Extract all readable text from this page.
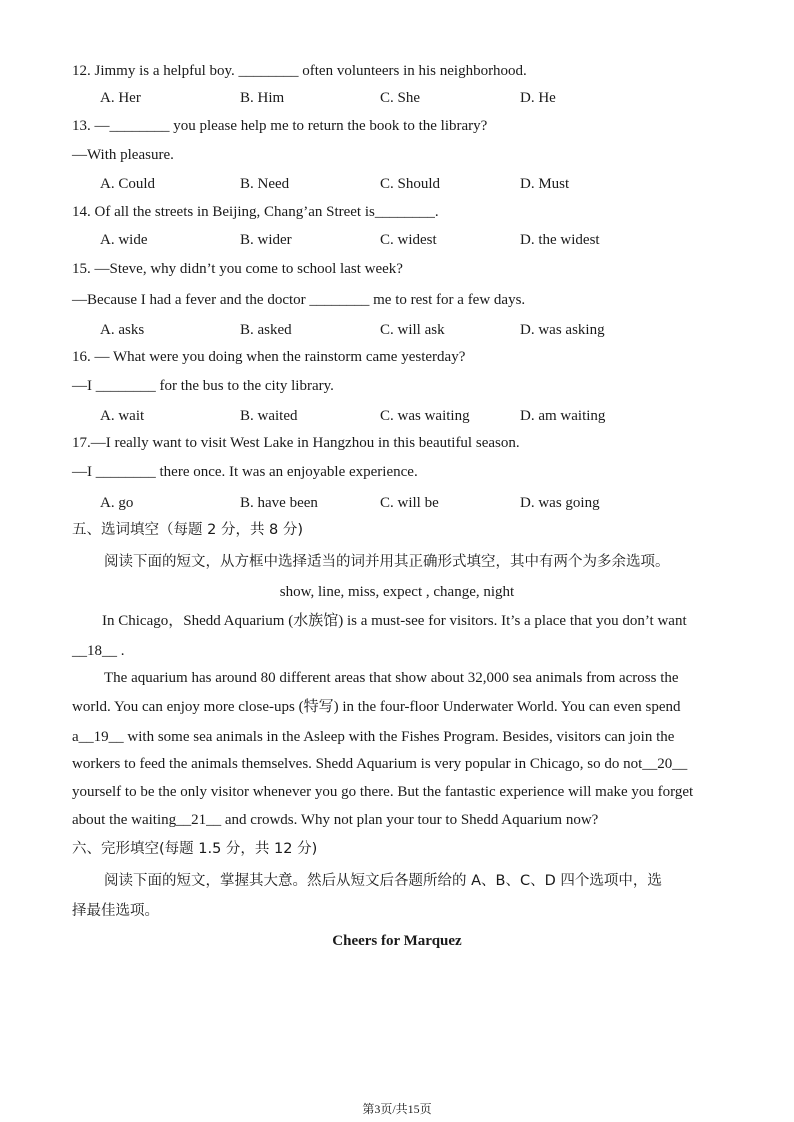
12. Jimmy is a helpful boy. ________ often volunteers in his neighborhood.
A. Her	B. Him	C. She	D. He
13. —________ you please help me to return the book to the library?
—With pleasure.
A. Could	B. Need	C. Should	D. Must
14. Of all the streets in Beijing, Chang’an Street is________.
A. wide	B. wider	C. widest	D. the widest
15. —Steve, why didn’t you come to school last week?
—Because I had a fever and the doctor ________ me to rest for a few days.
A. asks	B. asked	C. will ask	D. was asking
16. — What were you doing when the rainstorm came yesterday?
—I ________ for the bus to the city library.
A. wait	B. waited	C. was waiting	D. am waiting
17.—I really want to visit West Lake in Hangzhou in this beautiful season.
—I ________ there once. It was an enjoyable experience.
A. go	B. have been	C. will be	D. was going
五、选词填空（每题 2 分，共 8 分)
阅读下面的短文，从方框中选择适当的词并用其正确形式填空，其中有两个为多余选项。
show, line, miss, expect , change, night
In Chicago，Shedd Aquarium (水族馆) is a must-see for visitors. It’s a place that you don’t want
__18__ .
The aquarium has around 80 different areas that show about 32,000 sea animals from across the
world. You can enjoy more close-ups (特写) in the four-floor Underwater World. You can even spend
a__19__ with some sea animals in the Asleep with the Fishes Program. Besides, visitors can join the
workers to feed the animals themselves. Shedd Aquarium is very popular in Chicago, so do not__20__
yourself to be the only visitor whenever you go there. But the fantastic experience will make you forget
about the waiting__21__ and crowds. Why not plan your tour to Shedd Aquarium now?
六、完形填空(每题 1.5 分，共 12 分)
阅读下面的短文，掌握其大意。然后从短文后各题所给的 A、B、C、D 四个选项中，选
择最佳选项。
Cheers for Marquez
第3页/共15页
